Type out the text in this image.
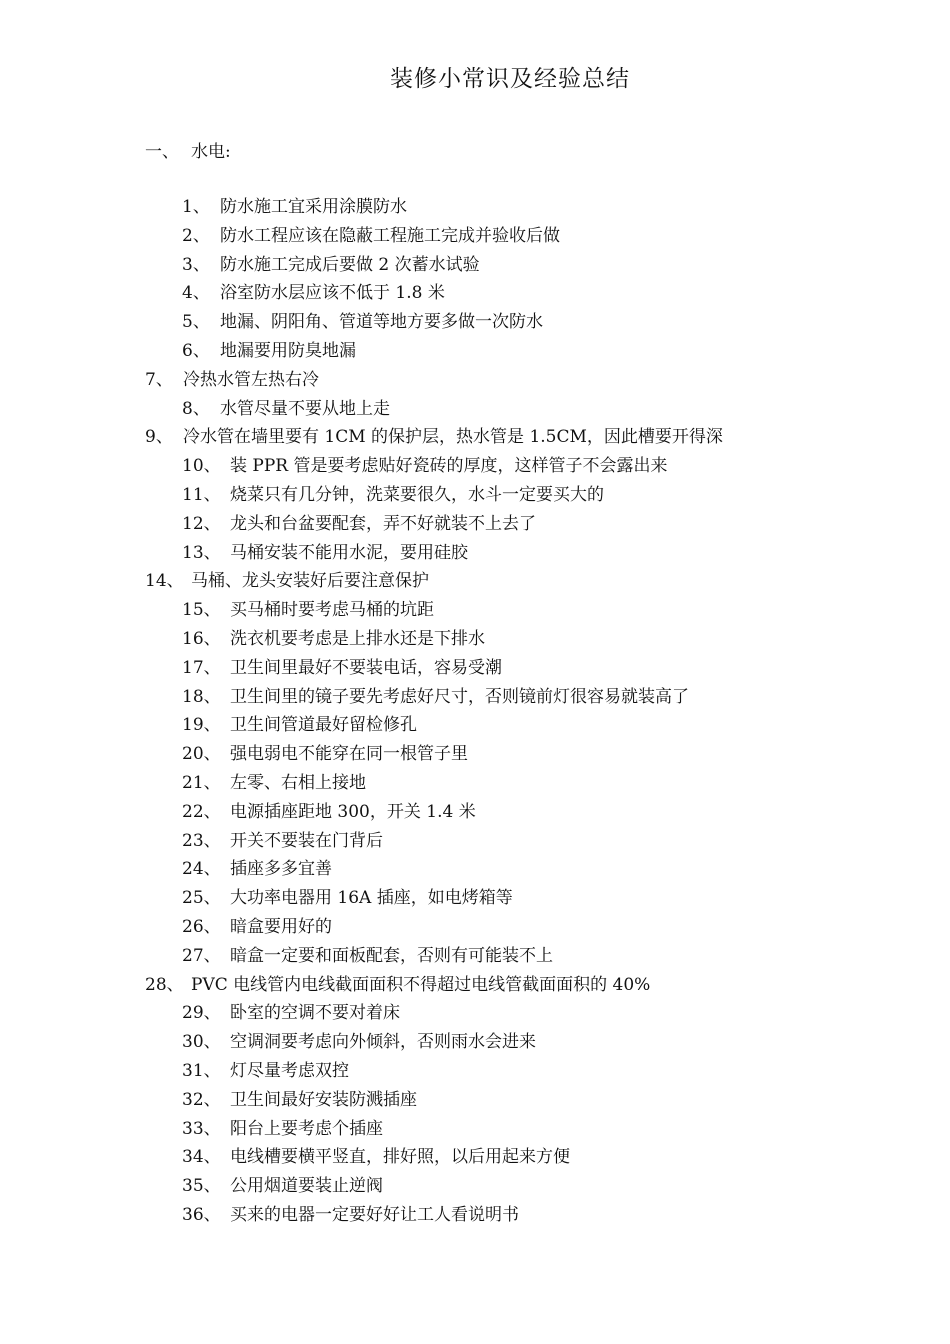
装修小常识及经验总结
一、 水电:
1、 防水施工宜采用涂膜防水
2、 防水工程应该在隐蔽工程施工完成并验收后做
3、 防水施工完成后要做 2 次蓄水试验
4、 浴室防水层应该不低于 1.8 米
5、 地漏、阴阳角、管道等地方要多做一次防水
6、 地漏要用防臭地漏
7、 冷热水管左热右冷
8、 水管尽量不要从地上走
9、 冷水管在墙里要有 1CM 的保护层，热水管是 1.5CM，因此槽要开得深
10、 装 PPR 管是要考虑贴好瓷砖的厚度，这样管子不会露出来
11、 烧菜只有几分钟，洗菜要很久，水斗一定要买大的
12、 龙头和台盆要配套，弄不好就装不上去了
13、 马桶安装不能用水泥，要用硅胶
14、 马桶、龙头安装好后要注意保护
15、 买马桶时要考虑马桶的坑距
16、 洗衣机要考虑是上排水还是下排水
17、 卫生间里最好不要装电话，容易受潮
18、 卫生间里的镜子要先考虑好尺寸，否则镜前灯很容易就装高了
19、 卫生间管道最好留检修孔
20、 强电弱电不能穿在同一根管子里
21、 左零、右相上接地
22、 电源插座距地 300，开关 1.4 米
23、 开关不要装在门背后
24、 插座多多宜善
25、 大功率电器用 16A 插座，如电烤箱等
26、 暗盒要用好的
27、 暗盒一定要和面板配套，否则有可能装不上
28、 PVC 电线管内电线截面面积不得超过电线管截面面积的 40%
29、 卧室的空调不要对着床
30、 空调洞要考虑向外倾斜，否则雨水会进来
31、 灯尽量考虑双控
32、 卫生间最好安装防溅插座
33、 阳台上要考虑个插座
34、 电线槽要横平竖直，排好照，以后用起来方便
35、 公用烟道要装止逆阀
36、 买来的电器一定要好好让工人看说明书
